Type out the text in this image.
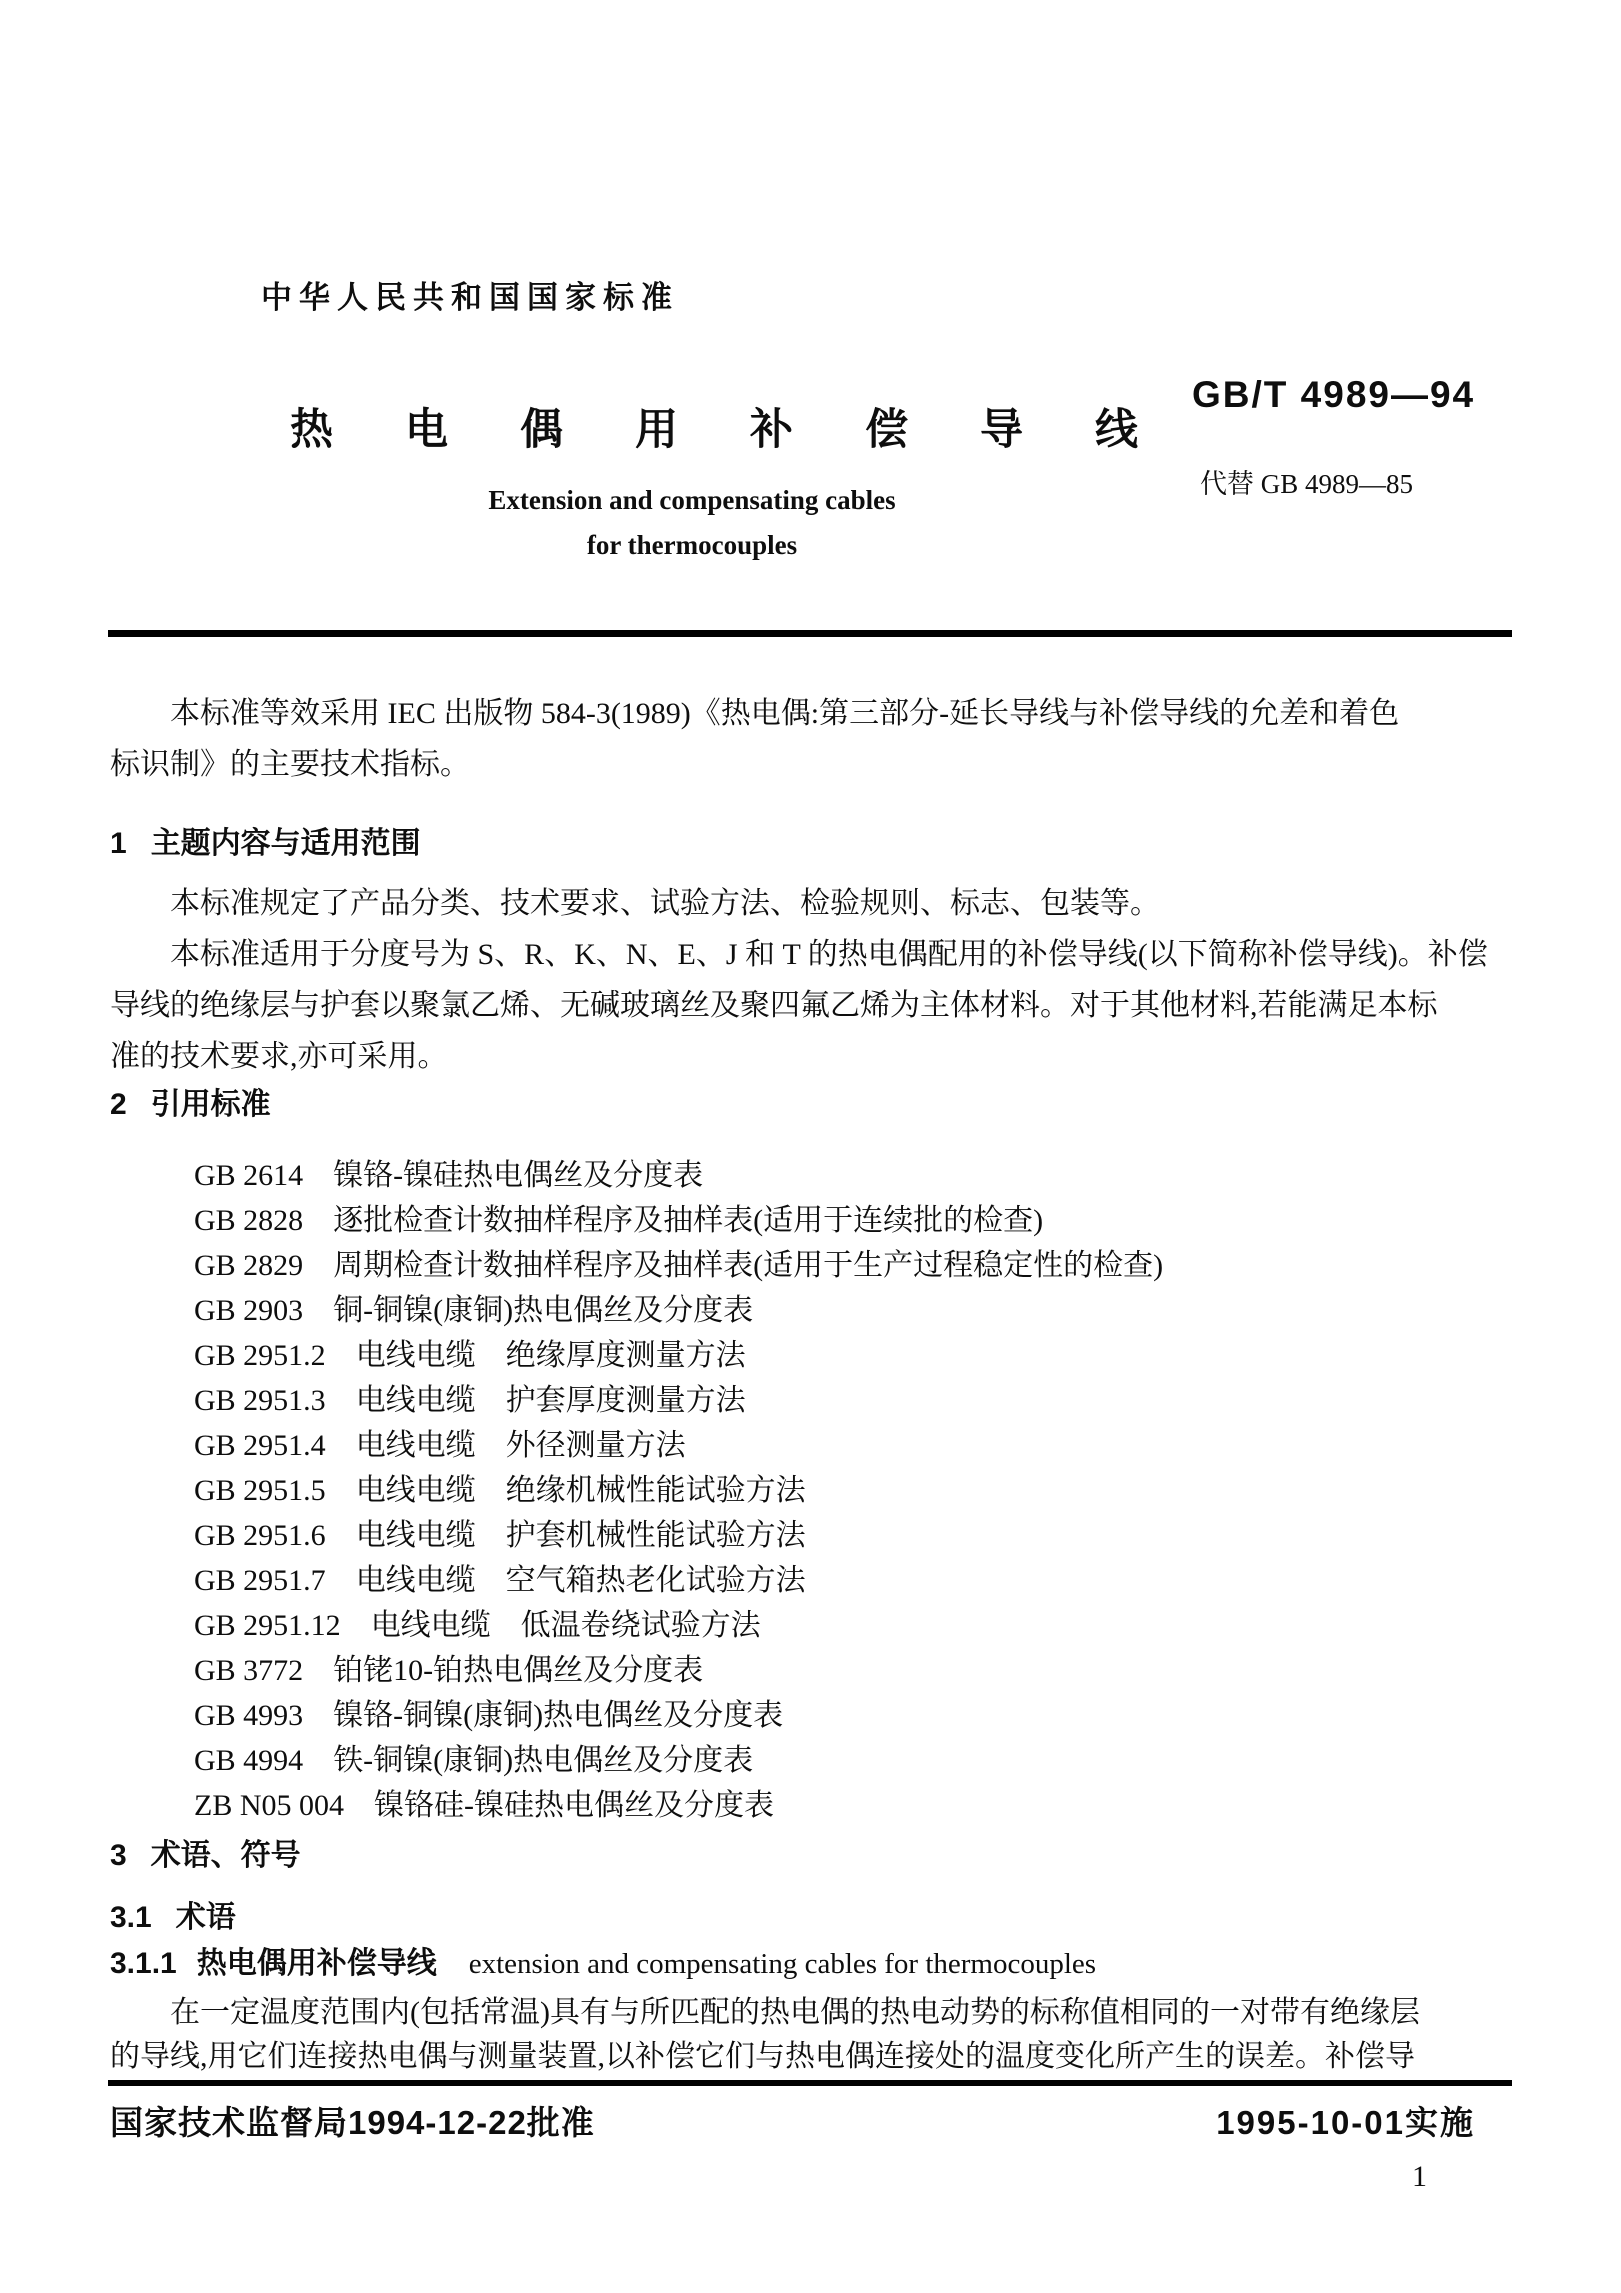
中华人民共和国国家标准
热电偶用补偿导线
GB/T 4989—94
Extension and compensating cables
for thermocouples
代替 GB 4989—85
本标准等效采用 IEC 出版物 584-3(1989)《热电偶:第三部分-延长导线与补偿导线的允差和着色
标识制》的主要技术指标。
1 主题内容与适用范围
本标准规定了产品分类、技术要求、试验方法、检验规则、标志、包装等。
本标准适用于分度号为 S、R、K、N、E、J 和 T 的热电偶配用的补偿导线(以下简称补偿导线)。补偿
导线的绝缘层与护套以聚氯乙烯、无碱玻璃丝及聚四氟乙烯为主体材料。对于其他材料,若能满足本标
准的技术要求,亦可采用。
2 引用标准
GB 2614 镍铬-镍硅热电偶丝及分度表
GB 2828 逐批检查计数抽样程序及抽样表(适用于连续批的检查)
GB 2829 周期检查计数抽样程序及抽样表(适用于生产过程稳定性的检查)
GB 2903 铜-铜镍(康铜)热电偶丝及分度表
GB 2951.2 电线电缆　绝缘厚度测量方法
GB 2951.3 电线电缆　护套厚度测量方法
GB 2951.4 电线电缆　外径测量方法
GB 2951.5 电线电缆　绝缘机械性能试验方法
GB 2951.6 电线电缆　护套机械性能试验方法
GB 2951.7 电线电缆　空气箱热老化试验方法
GB 2951.12 电线电缆　低温卷绕试验方法
GB 3772 铂铑10-铂热电偶丝及分度表
GB 4993 镍铬-铜镍(康铜)热电偶丝及分度表
GB 4994 铁-铜镍(康铜)热电偶丝及分度表
ZB N05 004 镍铬硅-镍硅热电偶丝及分度表
3 术语、符号
3.1 术语
3.1.1 热电偶用补偿导线 extension and compensating cables for thermocouples
在一定温度范围内(包括常温)具有与所匹配的热电偶的热电动势的标称值相同的一对带有绝缘层
的导线,用它们连接热电偶与测量装置,以补偿它们与热电偶连接处的温度变化所产生的误差。补偿导
国家技术监督局1994-12-22批准	1995-10-01实施
1
